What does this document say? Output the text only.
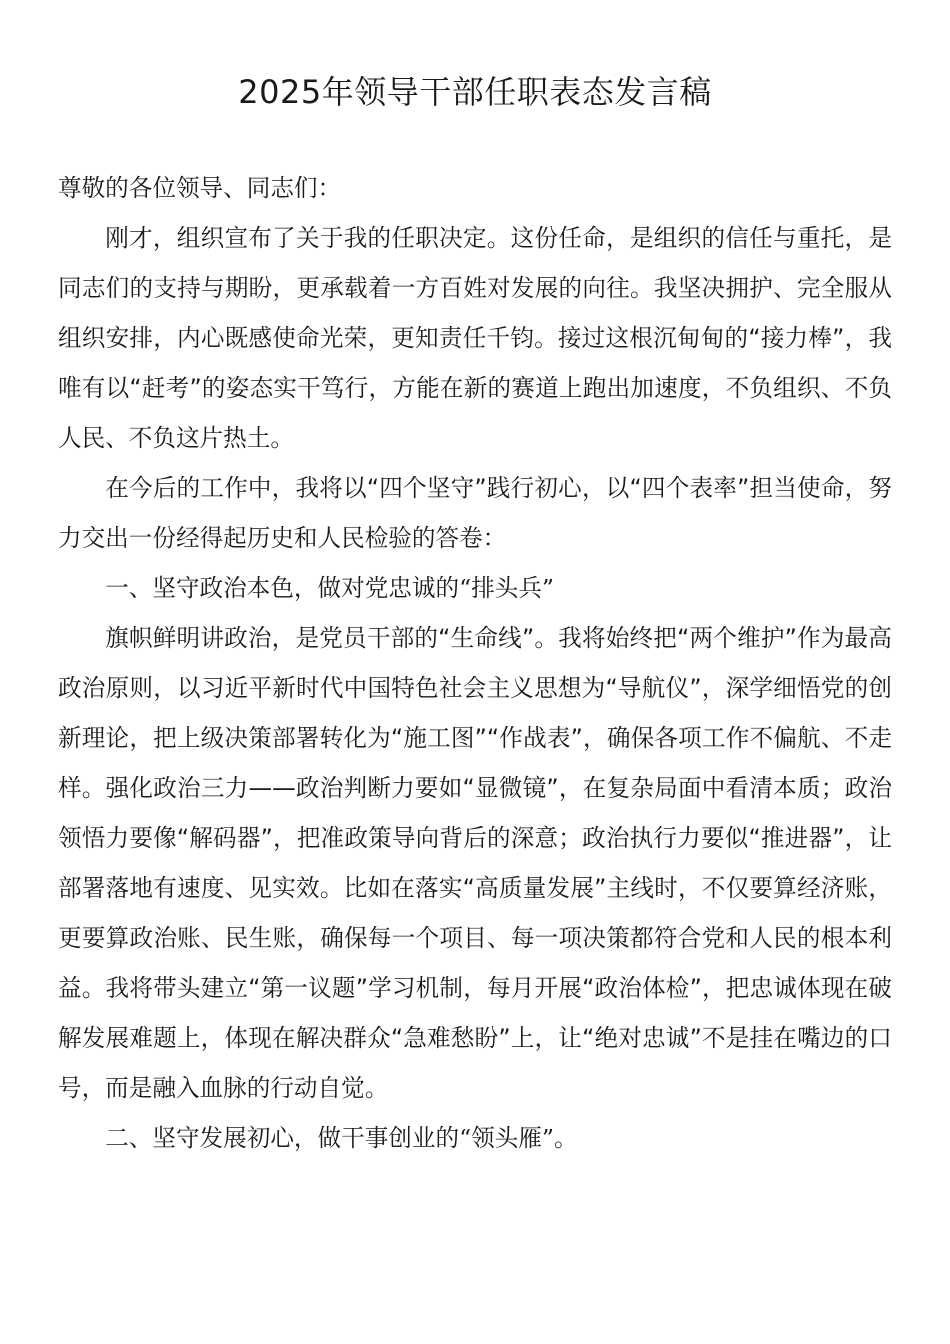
2025年领导干部任职表态发言稿

尊敬的各位领导、同志们：

刚才，组织宣布了关于我的任职决定。这份任命，是组织的信任与重托，是同志们的支持与期盼，更承载着一方百姓对发展的向往。我坚决拥护、完全服从组织安排，内心既感使命光荣，更知责任千钧。接过这根沉甸甸的“接力棒”，我唯有以“赶考”的姿态实干笃行，方能在新的赛道上跑出加速度，不负组织、不负人民、不负这片热土。

在今后的工作中，我将以“四个坚守”践行初心，以“四个表率”担当使命，努力交出一份经得起历史和人民检验的答卷：

一、坚守政治本色，做对党忠诚的“排头兵”

旗帜鲜明讲政治，是党员干部的“生命线”。我将始终把“两个维护”作为最高政治原则，以习近平新时代中国特色社会主义思想为“导航仪”，深学细悟党的创新理论，把上级决策部署转化为“施工图”“作战表”，确保各项工作不偏航、不走样。强化政治三力——政治判断力要如“显微镜”，在复杂局面中看清本质；政治领悟力要像“解码器”，把准政策导向背后的深意；政治执行力要似“推进器”，让部署落地有速度、见实效。比如在落实“高质量发展”主线时，不仅要算经济账，更要算政治账、民生账，确保每一个项目、每一项决策都符合党和人民的根本利益。我将带头建立“第一议题”学习机制，每月开展“政治体检”，把忠诚体现在破解发展难题上，体现在解决群众“急难愁盼”上，让“绝对忠诚”不是挂在嘴边的口号，而是融入血脉的行动自觉。

二、坚守发展初心，做干事创业的“领头雁”。
